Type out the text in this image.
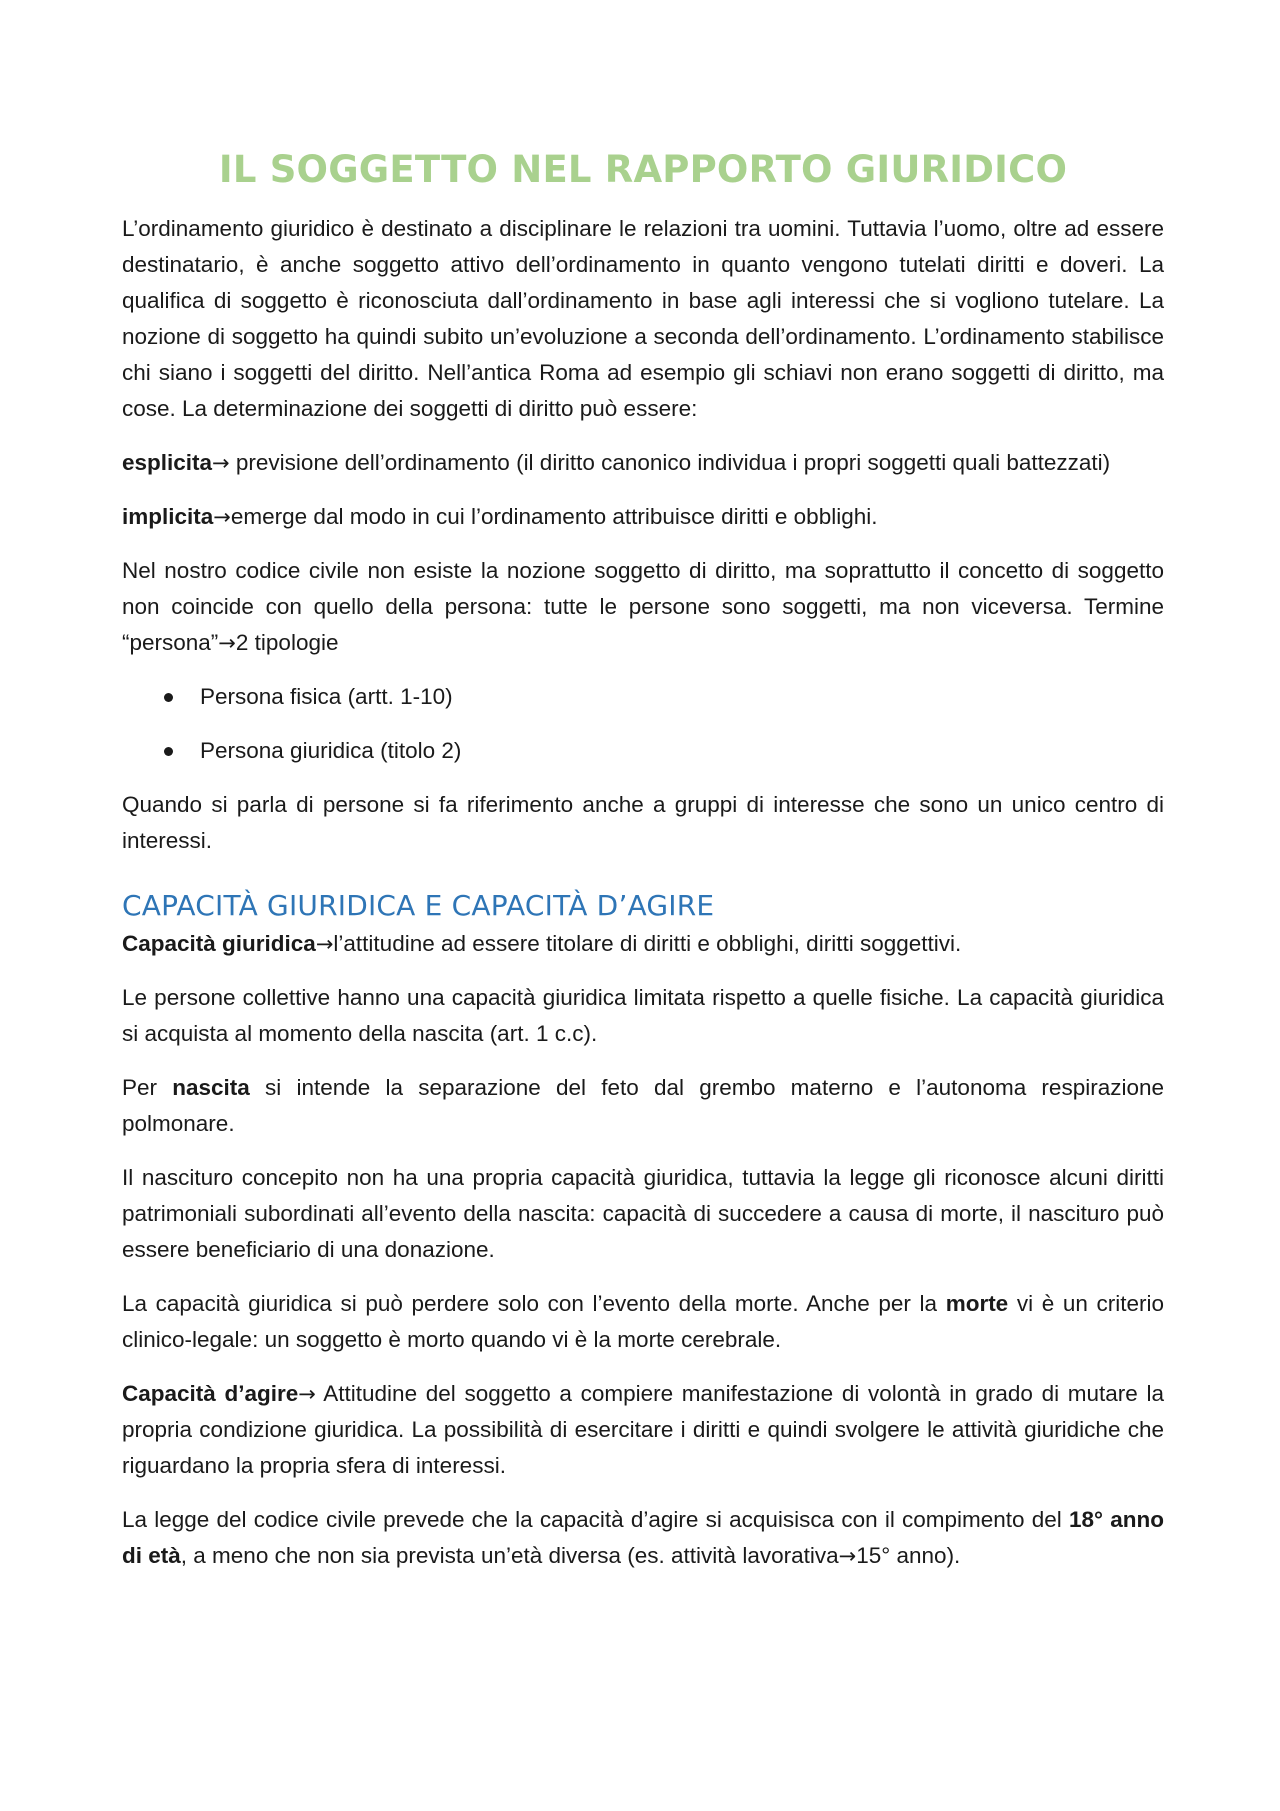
IL SOGGETTO NEL RAPPORTO GIURIDICO

L’ordinamento giuridico è destinato a disciplinare le relazioni tra uomini. Tuttavia l’uomo, oltre ad essere destinatario, è anche soggetto attivo dell’ordinamento in quanto vengono tutelati diritti e doveri. La qualifica di soggetto è riconosciuta dall’ordinamento in base agli interessi che si vogliono tutelare. La nozione di soggetto ha quindi subito un’evoluzione a seconda dell’ordinamento. L’ordinamento stabilisce chi siano i soggetti del diritto. Nell’antica Roma ad esempio gli schiavi non erano soggetti di diritto, ma cose. La determinazione dei soggetti di diritto può essere:

esplicita→ previsione dell’ordinamento (il diritto canonico individua i propri soggetti quali battezzati)

implicita→emerge dal modo in cui l’ordinamento attribuisce diritti e obblighi.

Nel nostro codice civile non esiste la nozione soggetto di diritto, ma soprattutto il concetto di soggetto non coincide con quello della persona: tutte le persone sono soggetti, ma non viceversa. Termine “persona”→2 tipologie

Persona fisica (artt. 1-10)
Persona giuridica (titolo 2)

Quando si parla di persone si fa riferimento anche a gruppi di interesse che sono un unico centro di interessi.

CAPACITÀ GIURIDICA E CAPACITÀ D’AGIRE

Capacità giuridica→l’attitudine ad essere titolare di diritti e obblighi, diritti soggettivi.

Le persone collettive hanno una capacità giuridica limitata rispetto a quelle fisiche. La capacità giuridica si acquista al momento della nascita (art. 1 c.c).

Per nascita si intende la separazione del feto dal grembo materno e l’autonoma respirazione polmonare.

Il nascituro concepito non ha una propria capacità giuridica, tuttavia la legge gli riconosce alcuni diritti patrimoniali subordinati all’evento della nascita: capacità di succedere a causa di morte, il nascituro può essere beneficiario di una donazione.

La capacità giuridica si può perdere solo con l’evento della morte. Anche per la morte vi è un criterio clinico-legale: un soggetto è morto quando vi è la morte cerebrale.

Capacità d’agire→ Attitudine del soggetto a compiere manifestazione di volontà in grado di mutare la propria condizione giuridica. La possibilità di esercitare i diritti e quindi svolgere le attività giuridiche che riguardano la propria sfera di interessi.

La legge del codice civile prevede che la capacità d’agire si acquisisca con il compimento del 18° anno di età, a meno che non sia prevista un’età diversa (es. attività lavorativa→15° anno).
